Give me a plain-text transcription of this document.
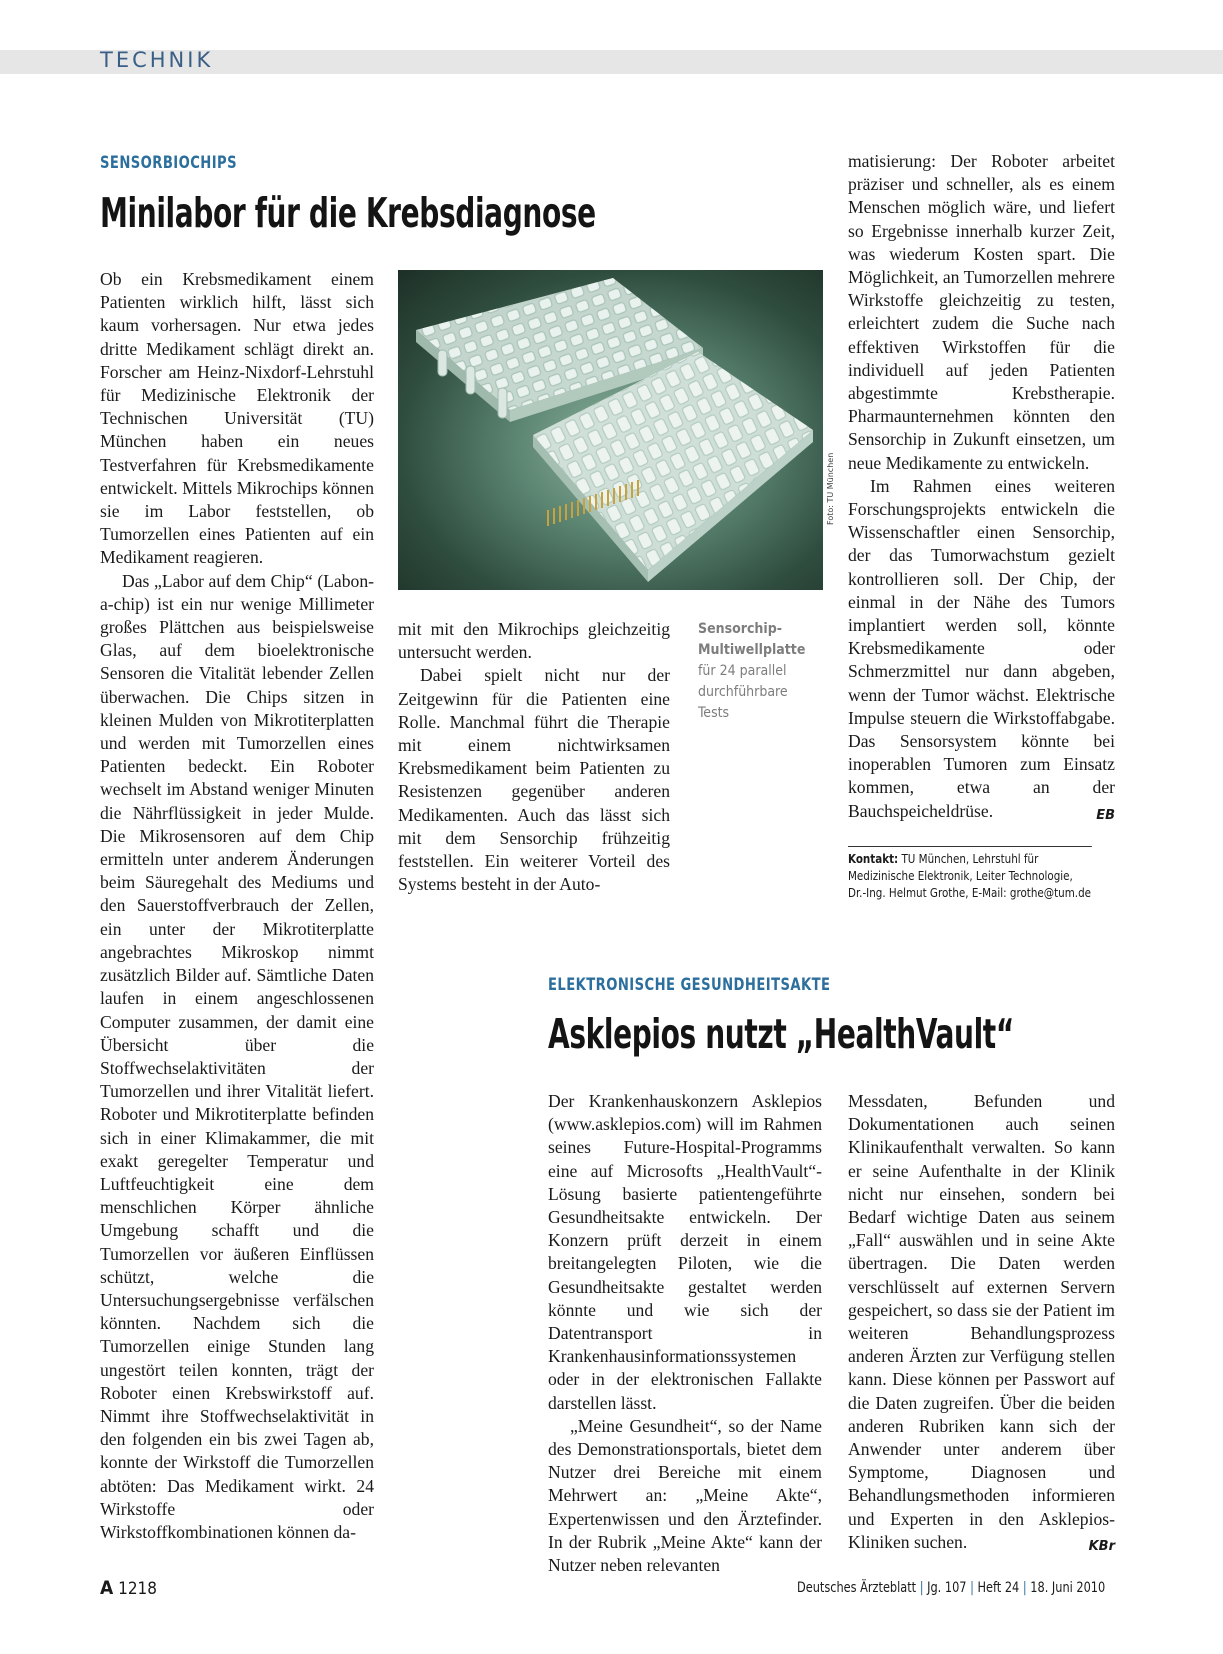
TECHNIK
SENSORBIOCHIPS
Minilabor für die Krebsdiagnose

Ob ein Krebsmedikament einem Patienten wirklich hilft, lässt sich kaum vorhersagen. Nur etwa jedes dritte Medikament schlägt direkt an. Forscher am Heinz-Nixdorf-Lehrstuhl für Medizinische Elektronik der Technischen Universität (TU) München haben ein neues Testverfahren für Krebsmedikamente entwickelt. Mittels Mikrochips können sie im Labor feststellen, ob Tumorzellen eines Patienten auf ein Medikament reagieren.

Das „Labor auf dem Chip“ (Labon-a-chip) ist ein nur wenige Millimeter großes Plättchen aus beispielsweise Glas, auf dem bioelektronische Sensoren die Vitalität lebender Zellen überwachen. Die Chips sitzen in kleinen Mulden von Mikrotiterplatten und werden mit Tumorzellen eines Patienten bedeckt. Ein Roboter wechselt im Abstand weniger Minuten die Nährflüssigkeit in jeder Mulde. Die Mikrosensoren auf dem Chip ermitteln unter anderem Änderungen beim Säuregehalt des Mediums und den Sauerstoffverbrauch der Zellen, ein unter der Mikrotiterplatte angebrachtes Mikroskop nimmt zusätzlich Bilder auf. Sämtliche Daten laufen in einem angeschlossenen Computer zusammen, der damit eine Übersicht über die Stoffwechselaktivitäten der Tumorzellen und ihrer Vitalität liefert. Roboter und Mikrotiterplatte befinden sich in einer Klimakammer, die mit exakt geregelter Temperatur und Luftfeuchtigkeit eine dem menschlichen Körper ähnliche Umgebung schafft und die Tumorzellen vor äußeren Einflüssen schützt, welche die Untersuchungsergebnisse verfälschen könnten. Nachdem sich die Tumorzellen einige Stunden lang ungestört teilen konnten, trägt der Roboter einen Krebswirkstoff auf. Nimmt ihre Stoffwechselaktivität in den folgenden ein bis zwei Tagen ab, konnte der Wirkstoff die Tumorzellen abtöten: Das Medikament wirkt. 24 Wirkstoffe oder Wirkstoffkombinationen können da-

Foto: TU München

mit mit den Mikrochips gleichzeitig untersucht werden.

Dabei spielt nicht nur der Zeitgewinn für die Patienten eine Rolle. Manchmal führt die Therapie mit einem nichtwirksamen Krebsmedikament beim Patienten zu Resistenzen gegenüber anderen Medikamenten. Auch das lässt sich mit dem Sensorchip frühzeitig feststellen. Ein weiterer Vorteil des Systems besteht in der Auto-

Sensorchip-Multiwellplatte
für 24 parallel durchführbare Tests

matisierung: Der Roboter arbeitet präziser und schneller, als es einem Menschen möglich wäre, und liefert so Ergebnisse innerhalb kurzer Zeit, was wiederum Kosten spart. Die Möglichkeit, an Tumorzellen mehrere Wirkstoffe gleichzeitig zu testen, erleichtert zudem die Suche nach effektiven Wirkstoffen für die individuell auf jeden Patienten abgestimmte Krebstherapie. Pharmaunternehmen könnten den Sensorchip in Zukunft einsetzen, um neue Medikamente zu entwickeln.

Im Rahmen eines weiteren Forschungsprojekts entwickeln die Wissenschaftler einen Sensorchip, der das Tumorwachstum gezielt kontrollieren soll. Der Chip, der einmal in der Nähe des Tumors implantiert werden soll, könnte Krebsmedikamente oder Schmerzmittel nur dann abgeben, wenn der Tumor wächst. Elektrische Impulse steuern die Wirkstoffabgabe. Das Sensorsystem könnte bei inoperablen Tumoren zum Einsatz kommen, etwa an der Bauchspeicheldrüse.	EB

Kontakt: TU München, Lehrstuhl für Medizinische Elektronik, Leiter Technologie, Dr.-Ing. Helmut Grothe, E-Mail: grothe@tum.de
ELEKTRONISCHE GESUNDHEITSAKTE
Asklepios nutzt „HealthVault“

Der Krankenhauskonzern Asklepios (www.asklepios.com) will im Rahmen seines Future-Hospital-Programms eine auf Microsofts „HealthVault“-Lösung basierte patientengeführte Gesundheitsakte entwickeln. Der Konzern prüft derzeit in einem breitangelegten Piloten, wie die Gesundheitsakte gestaltet werden könnte und wie sich der Datentransport in Krankenhausinformationssystemen oder in der elektronischen Fallakte darstellen lässt.

„Meine Gesundheit“, so der Name des Demonstrationsportals, bietet dem Nutzer drei Bereiche mit einem Mehrwert an: „Meine Akte“, Expertenwissen und den Ärztefinder. In der Rubrik „Meine Akte“ kann der Nutzer neben relevanten

Messdaten, Befunden und Dokumentationen auch seinen Klinikaufenthalt verwalten. So kann er seine Aufenthalte in der Klinik nicht nur einsehen, sondern bei Bedarf wichtige Daten aus seinem „Fall“ auswählen und in seine Akte übertragen. Die Daten werden verschlüsselt auf externen Servern gespeichert, so dass sie der Patient im weiteren Behandlungsprozess anderen Ärzten zur Verfügung stellen kann. Diese können per Passwort auf die Daten zugreifen. Über die beiden anderen Rubriken kann sich der Anwender unter anderem über Symptome, Diagnosen und Behandlungsmethoden informieren und Experten in den Asklepios-Kliniken suchen.	KBr

A 1218	Deutsches Ärzteblatt | Jg. 107 | Heft 24 | 18. Juni 2010
